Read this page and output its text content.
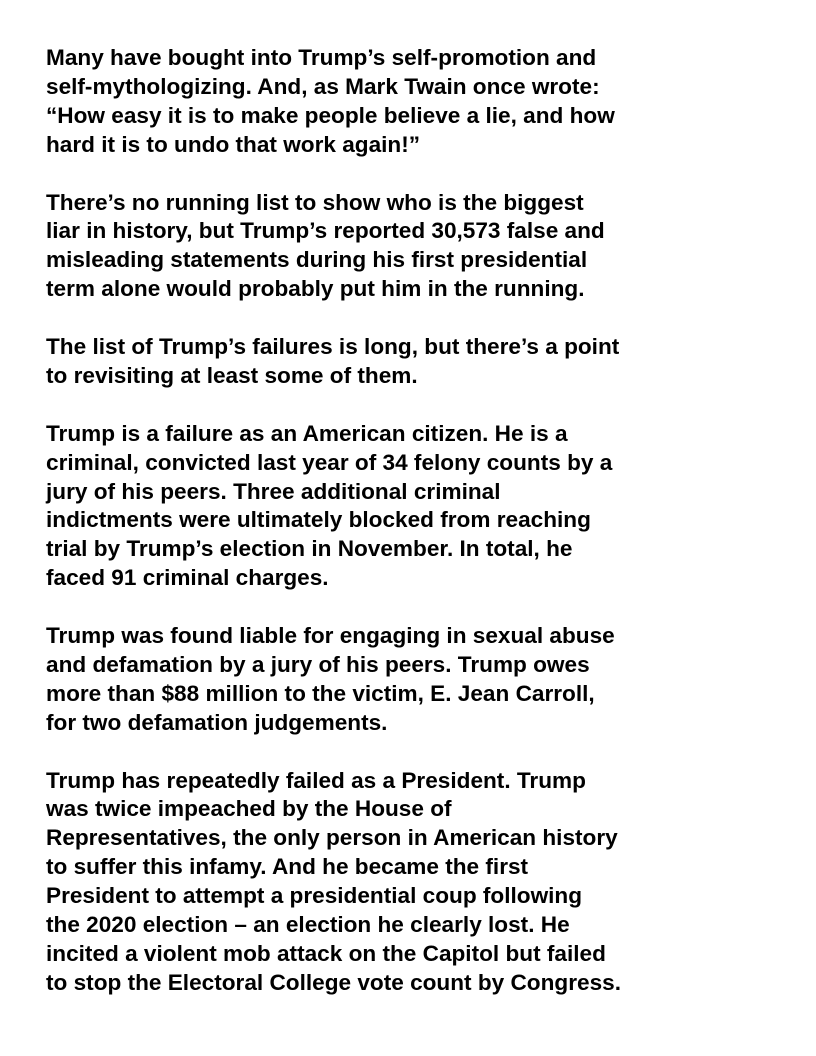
Many have bought into Trump’s self-promotion and
self-mythologizing. And, as Mark Twain once wrote:
“How easy it is to make people believe a lie, and how
hard it is to undo that work again!”

There’s no running list to show who is the biggest
liar in history, but Trump’s reported 30,573 false and
misleading statements during his first presidential
term alone would probably put him in the running.

The list of Trump’s failures is long, but there’s a point
to revisiting at least some of them.

Trump is a failure as an American citizen. He is a
criminal, convicted last year of 34 felony counts by a
jury of his peers. Three additional criminal
indictments were ultimately blocked from reaching
trial by Trump’s election in November. In total, he
faced 91 criminal charges.

Trump was found liable for engaging in sexual abuse
and defamation by a jury of his peers. Trump owes
more than $88 million to the victim, E. Jean Carroll,
for two defamation judgements.

Trump has repeatedly failed as a President. Trump
was twice impeached by the House of
Representatives, the only person in American history
to suffer this infamy. And he became the first
President to attempt a presidential coup following
the 2020 election – an election he clearly lost. He
incited a violent mob attack on the Capitol but failed
to stop the Electoral College vote count by Congress.
